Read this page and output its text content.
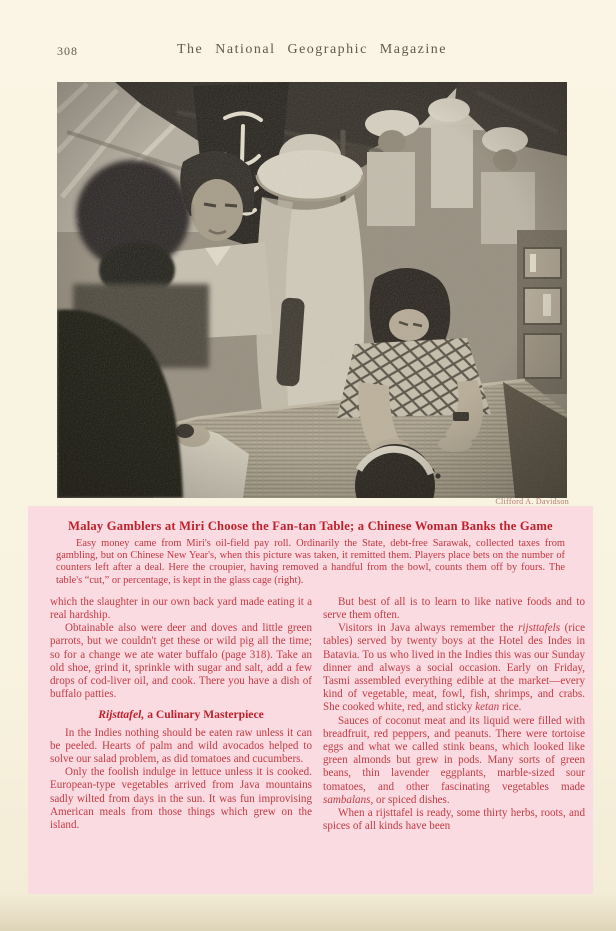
308	The National Geographic Magazine
Clifford A. Davidson
Malay Gamblers at Miri Choose the Fan-tan Table; a Chinese Woman Banks the Game

Easy money came from Miri's oil-field pay roll. Ordinarily the State, debt-free Sarawak, collected taxes from gambling, but on Chinese New Year's, when this picture was taken, it remitted them. Players place bets on the number of counters left after a deal. Here the croupier, having removed a handful from the bowl, counts them off by fours. The table's “cut,” or percentage, is kept in the glass cage (right).

which the slaughter in our own back yard made eating it a real hardship.

Obtainable also were deer and doves and little green parrots, but we couldn't get these or wild pig all the time; so for a change we ate water buffalo (page 318). Take an old shoe, grind it, sprinkle with sugar and salt, add a few drops of cod-liver oil, and cook. There you have a dish of buffalo patties.

Rijsttafel, a Culinary Masterpiece

In the Indies nothing should be eaten raw unless it can be peeled. Hearts of palm and wild avocados helped to solve our salad problem, as did tomatoes and cucumbers.

Only the foolish indulge in lettuce unless it is cooked. European-type vegetables arrived from Java mountains sadly wilted from days in the sun. It was fun improvising American meals from those things which grew on the island.

But best of all is to learn to like native foods and to serve them often.

Visitors in Java always remember the rijsttafels (rice tables) served by twenty boys at the Hotel des Indes in Batavia. To us who lived in the Indies this was our Sunday dinner and always a social occasion. Early on Friday, Tasmi assembled everything edible at the market—every kind of vegetable, meat, fowl, fish, shrimps, and crabs. She cooked white, red, and sticky ketan rice.

Sauces of coconut meat and its liquid were filled with breadfruit, red peppers, and peanuts. There were tortoise eggs and what we called stink beans, which looked like green almonds but grew in pods. Many sorts of green beans, thin lavender eggplants, marble-sized sour tomatoes, and other fascinating vegetables made sambalans, or spiced dishes.

When a rijsttafel is ready, some thirty herbs, roots, and spices of all kinds have been
